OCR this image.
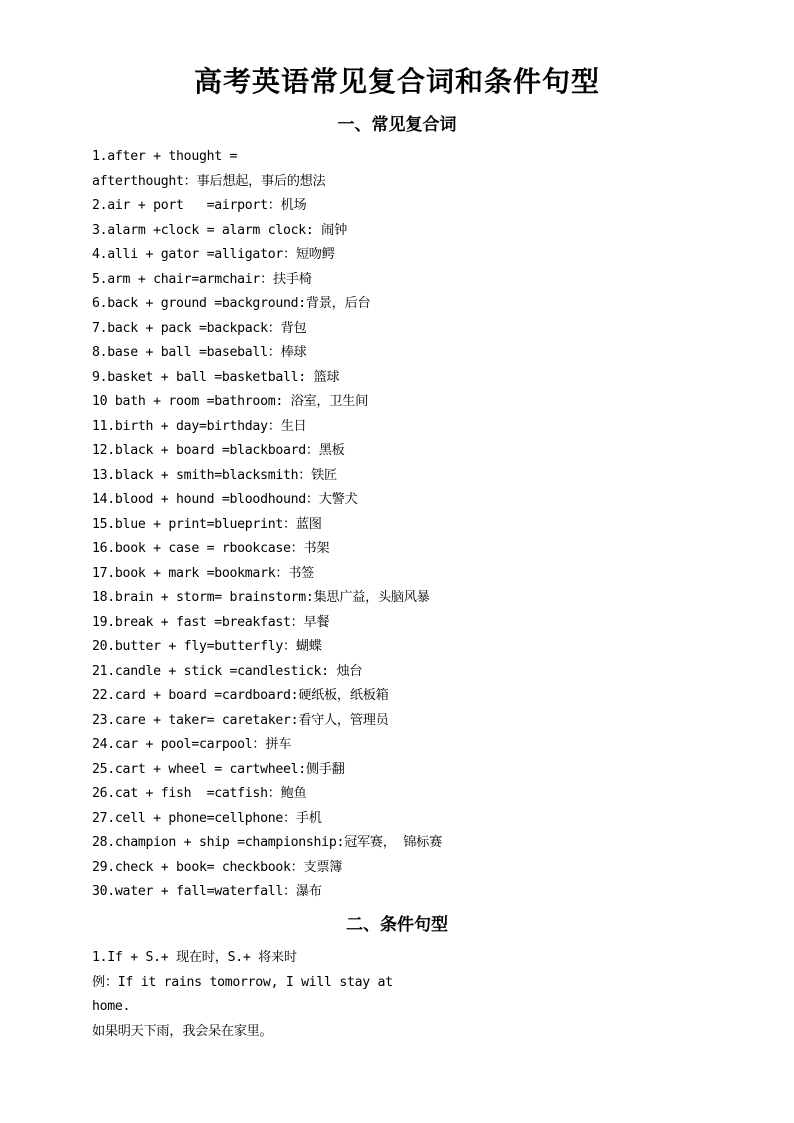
高考英语常见复合词和条件句型
一、常见复合词
1.after + thought =
afterthought：事后想起，事后的想法
2.air + port   =airport：机场
3.alarm +clock = alarm clock: 闹钟
4.alli + gator =alligator：短吻鳄
5.arm + chair=armchair：扶手椅
6.back + ground =background:背景，后台
7.back + pack =backpack：背包
8.base + ball =baseball：棒球
9.basket + ball =basketball: 篮球
10 bath + room =bathroom: 浴室，卫生间
11.birth + day=birthday：生日
12.black + board =blackboard：黑板
13.black + smith=blacksmith：铁匠
14.blood + hound =bloodhound：大警犬
15.blue + print=blueprint：蓝图
16.book + case = rbookcase：书架
17.book + mark =bookmark：书签
18.brain + storm= brainstorm:集思广益，头脑风暴
19.break + fast =breakfast：早餐
20.butter + fly=butterfly：蝴蝶
21.candle + stick =candlestick: 烛台
22.card + board =cardboard:硬纸板，纸板箱
23.care + taker= caretaker:看守人，管理员
24.car + pool=carpool：拼车
25.cart + wheel = cartwheel:侧手翻
26.cat + fish  =catfish：鲍鱼
27.cell + phone=cellphone：手机
28.champion + ship =championship:冠军赛， 锦标赛
29.check + book= checkbook：支票簿
30.water + fall=waterfall：瀑布
二、条件句型
1.If + S.+ 现在时，S.+ 将来时
例：If it rains tomorrow, I will stay at
home.
如果明天下雨，我会呆在家里。
